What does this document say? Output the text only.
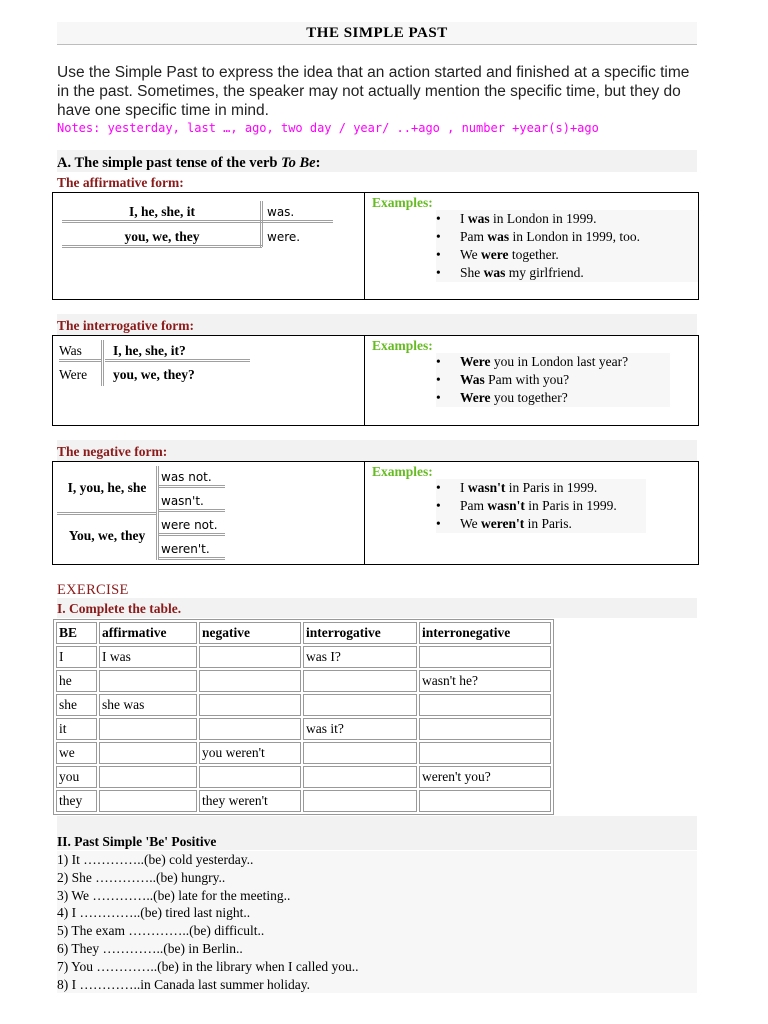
THE SIMPLE PAST
Use the Simple Past to express the idea that an action started and finished at a specific time in the past. Sometimes, the speaker may not actually mention the specific time, but they do have one specific time in mind.
Notes: yesterday, last …, ago, two day / year/ ..+ago , number +year(s)+ago
A. The simple past tense of the verb To Be:
The affirmative form:
I, he, she, it	was.
you, we, they	were.
Examples:
• I was in London in 1999.
• Pam was in London in 1999, too.
• We were together.
• She was my girlfriend.
The interrogative form:
Was	I, he, she, it?
Were	you, we, they?
Examples:
• Were you in London last year?
• Was Pam with you?
• Were you together?
The negative form:
I, you, he, she
was not.
wasn't.
You, we, they
were not.
weren't.
Examples:
• I wasn't in Paris in 1999.
• Pam wasn't in Paris in 1999.
• We weren't in Paris.
EXERCISE
I. Complete the table.
BE	affirmative	negative	interrogative	interronegative
I	I was		was I?	
he				wasn't he?
she	she was			
it			was it?	
we		you weren't		
you				weren't you?
they		they weren't		
II. Past Simple 'Be' Positive
1) It …………..(be) cold yesterday..
2) She …………..(be) hungry..
3) We …………..(be) late for the meeting..
4) I …………..(be) tired last night..
5) The exam …………..(be) difficult..
6) They …………..(be) in Berlin..
7) You …………..(be) in the library when I called you..
8) I …………..in Canada last summer holiday.
